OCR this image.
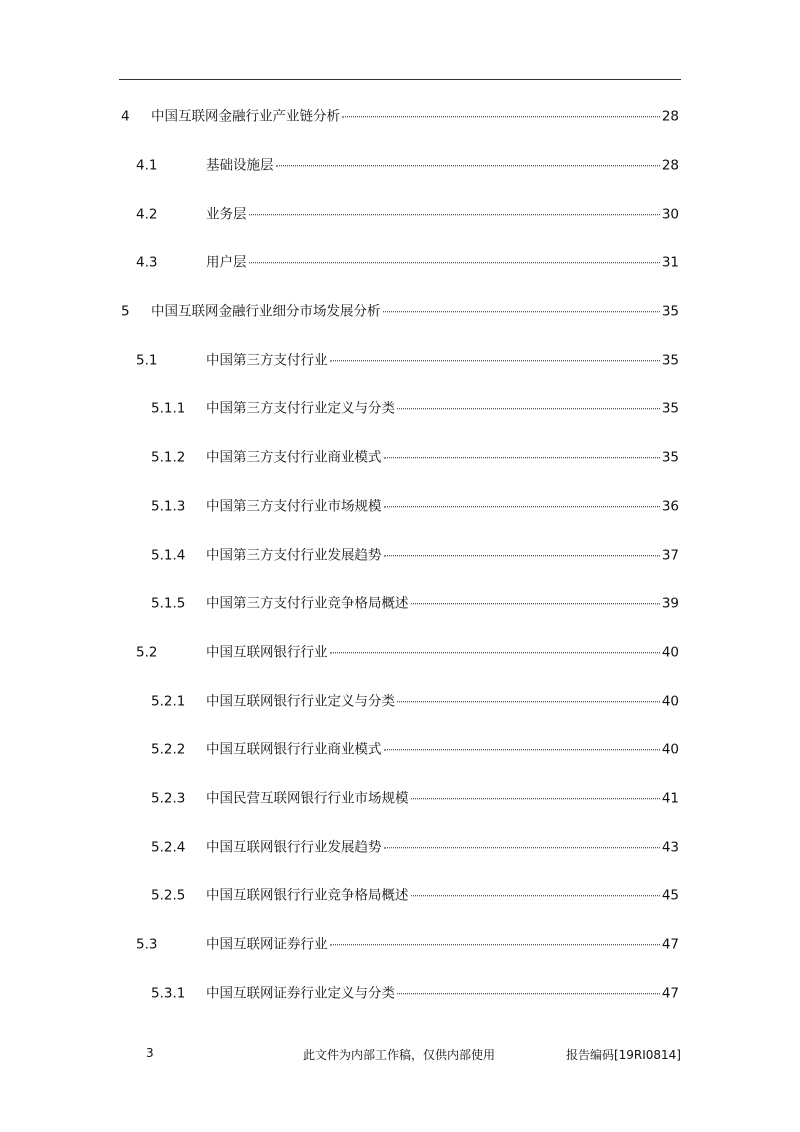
4 中国互联网金融行业产业链分析	28
4.1	基础设施层	28
4.2	业务层	30
4.3	用户层	31
5 中国互联网金融行业细分市场发展分析	35
5.1	中国第三方支付行业	35
5.1.1 中国第三方支付行业定义与分类	35
5.1.2 中国第三方支付行业商业模式	35
5.1.3 中国第三方支付行业市场规模	36
5.1.4 中国第三方支付行业发展趋势	37
5.1.5 中国第三方支付行业竞争格局概述	39
5.2	中国互联网银行行业	40
5.2.1 中国互联网银行行业定义与分类	40
5.2.2 中国互联网银行行业商业模式	40
5.2.3 中国民营互联网银行行业市场规模	41
5.2.4 中国互联网银行行业发展趋势	43
5.2.5 中国互联网银行行业竞争格局概述	45
5.3	中国互联网证券行业	47
5.3.1 中国互联网证券行业定义与分类	47
3	此文件为内部工作稿，仅供内部使用	报告编码[19RI0814]
